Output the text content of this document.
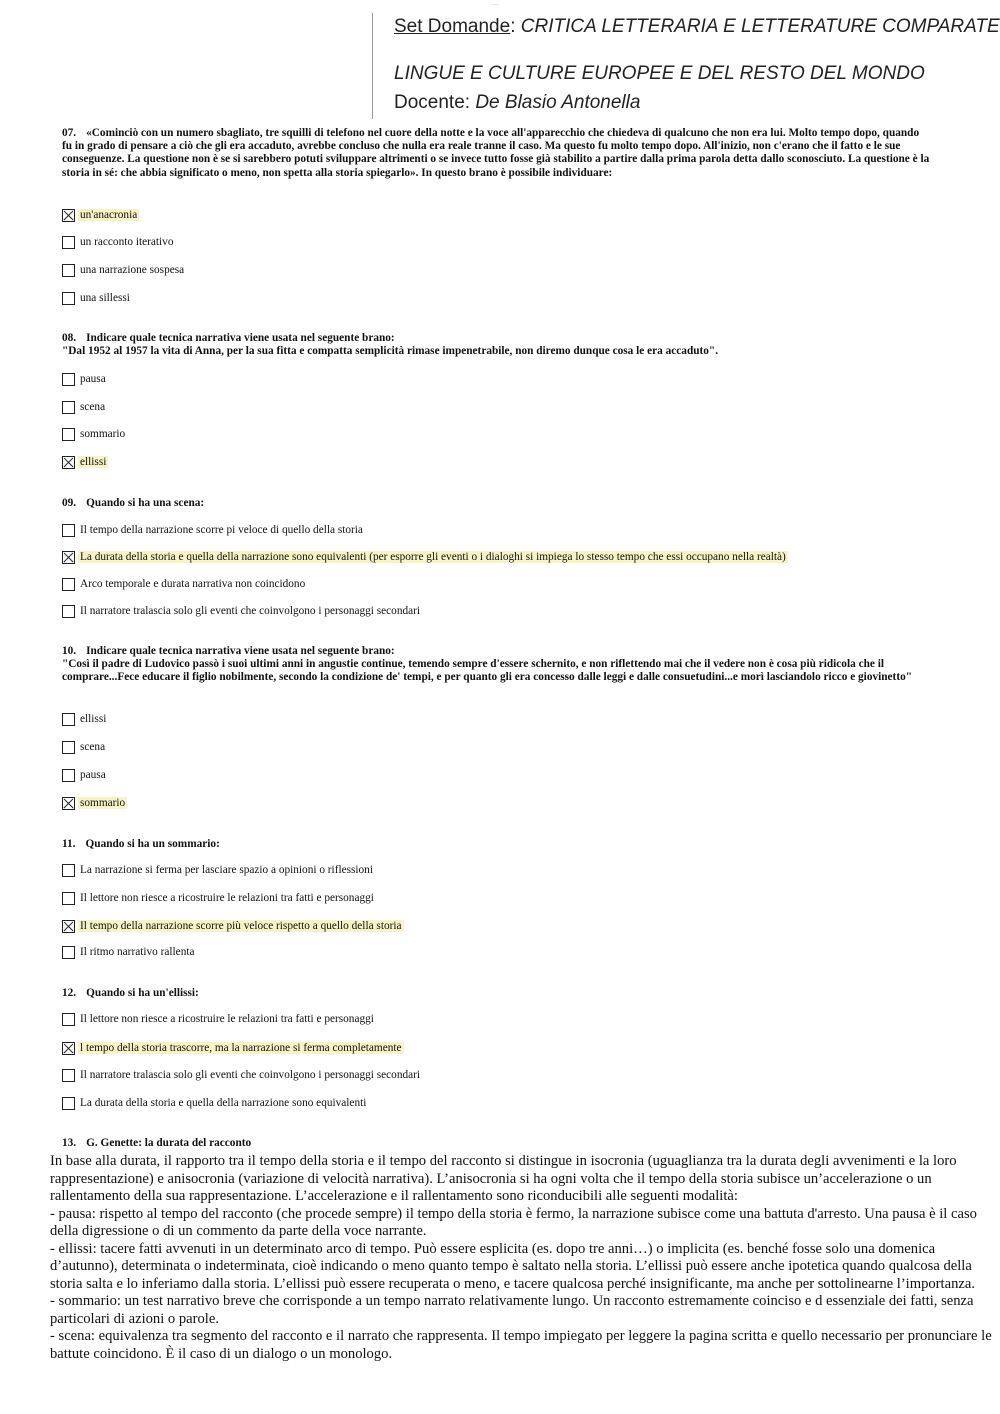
———
Set Domande: CRITICA LETTERARIA E LETTERATURE COMPARATE
LINGUE E CULTURE EUROPEE E DEL RESTO DEL MONDO
Docente: De Blasio Antonella
07. «Cominciò con un numero sbagliato, tre squilli di telefono nel cuore della notte e la voce all'apparecchio che chiedeva di qualcuno che non era lui. Molto tempo dopo, quando fu in grado di pensare a ciò che gli era accaduto, avrebbe concluso che nulla era reale tranne il caso. Ma questo fu molto tempo dopo. All'inizio, non c'erano che il fatto e le sue conseguenze. La questione non è se si sarebbero potuti sviluppare altrimenti o se invece tutto fosse già stabilito a partire dalla prima parola detta dallo sconosciuto. La questione è la storia in sé: che abbia significato o meno, non spetta alla storia spiegarlo». In questo brano è possibile individuare:
un'anacronia
un racconto iterativo
una narrazione sospesa
una sillessi
08. Indicare quale tecnica narrativa viene usata nel seguente brano:
"Dal 1952 al 1957 la vita di Anna, per la sua fitta e compatta semplicità rimase impenetrabile, non diremo dunque cosa le era accaduto".
pausa
scena
sommario
ellissi
09. Quando si ha una scena:
Il tempo della narrazione scorre pi veloce di quello della storia
La durata della storia e quella della narrazione sono equivalenti (per esporre gli eventi o i dialoghi si impiega lo stesso tempo che essi occupano nella realtà)
Arco temporale e durata narrativa non coincidono
Il narratore tralascia solo gli eventi che coinvolgono i personaggi secondari
10. Indicare quale tecnica narrativa viene usata nel seguente brano:
"Così il padre di Ludovico passò i suoi ultimi anni in angustie continue, temendo sempre d'essere schernito, e non riflettendo mai che il vedere non è cosa più ridicola che il comprare...Fece educare il figlio nobilmente, secondo la condizione de' tempi, e per quanto gli era concesso dalle leggi e dalle consuetudini...e morì lasciandolo ricco e giovinetto"
ellissi
scena
pausa
sommario
11. Quando si ha un sommario:
La narrazione si ferma per lasciare spazio a opinioni o riflessioni
Il lettore non riesce a ricostruire le relazioni tra fatti e personaggi
Il tempo della narrazione scorre più veloce rispetto a quello della storia
Il ritmo narrativo rallenta
12. Quando si ha un'ellissi:
Il lettore non riesce a ricostruire le relazioni tra fatti e personaggi
l tempo della storia trascorre, ma la narrazione si ferma completamente
Il narratore tralascia solo gli eventi che coinvolgono i personaggi secondari
La durata della storia e quella della narrazione sono equivalenti
13. G. Genette: la durata del racconto

In base alla durata, il rapporto tra il tempo della storia e il tempo del racconto si distingue in isocronia (uguaglianza tra la durata degli avvenimenti e la loro rappresentazione) e anisocronia (variazione di velocità narrativa). L’anisocronia si ha ogni volta che il tempo della storia subisce un’accelerazione o un rallentamento della sua rappresentazione. L’accelerazione e il rallentamento sono riconducibili alle seguenti modalità:

- pausa: rispetto al tempo del racconto (che procede sempre) il tempo della storia è fermo, la narrazione subisce come una battuta d'arresto. Una pausa è il caso della digressione o di un commento da parte della voce narrante.

- ellissi: tacere fatti avvenuti in un determinato arco di tempo. Può essere esplicita (es. dopo tre anni…) o implicita (es. benché fosse solo una domenica d’autunno), determinata o indeterminata, cioè indicando o meno quanto tempo è saltato nella storia. L’ellissi può essere anche ipotetica quando qualcosa della storia salta e lo inferiamo dalla storia. L’ellissi può essere recuperata o meno, e tacere qualcosa perché insignificante, ma anche per sottolinearne l’importanza.

- sommario: un test narrativo breve che corrisponde a un tempo narrato relativamente lungo. Un racconto estremamente coinciso e d essenziale dei fatti, senza particolari di azioni o parole.

- scena: equivalenza tra segmento del racconto e il narrato che rappresenta. Il tempo impiegato per leggere la pagina scritta e quello necessario per pronunciare le battute coincidono. È il caso di un dialogo o un monologo.
